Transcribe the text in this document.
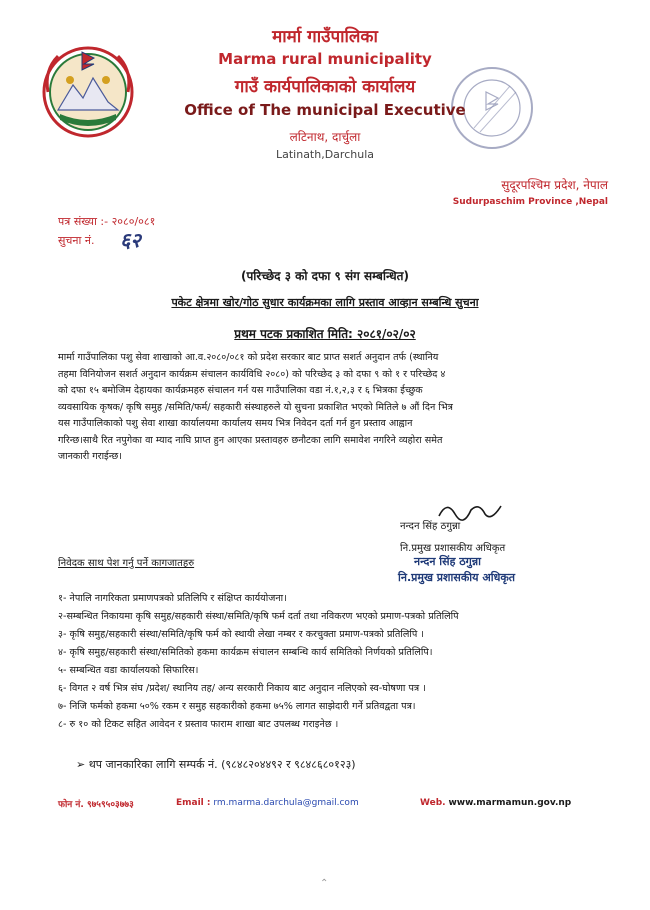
मार्मा गाउँपालिका
Marma rural municipality
गाउँ कार्यपालिकाको कार्यालय
Office of The municipal Executive
लटिनाथ, दार्चुला
Latinath,Darchula
सुदूरपश्चिम प्रदेश, नेपाल
Sudurpaschim Province ,Nepal
पत्र संख्या :- २०८०/०८१
सुचना नं. ६२
(परिच्छेद ३ को दफा ९ संग सम्बन्धित)
पकेट क्षेत्रमा खोर/गोठ सुधार कार्यक्रमका लागि प्रस्ताव आव्हान सम्बन्धि सुचना
प्रथम पटक प्रकाशित मिति: २०८१/०२/०२
मार्मा गाउँपालिका पशु सेवा शाखाको आ.व.२०८०/०८१ को प्रदेश सरकार बाट प्राप्त सशर्त अनुदान तर्फ (स्थानिय
तहमा विनियोजन सशर्त अनुदान कार्यक्रम संचालन कार्यविधि २०८०) को परिच्छेद ३ को दफा ९ को १ र परिच्छेद ४
को दफा १५ बमोजिम देहायका कार्यक्रमहरु संचालन गर्न यस गाउँपालिका वडा नं.१,२,३ र ६ भित्रका ईच्छुक
व्यवसायिक कृषक/ कृषि समुह /समिति/फर्म/ सहकारी संस्थाहरुले यो सुचना प्रकाशित भएको मितिले ७ औं दिन भित्र
यस गाउँपालिकाको पशु सेवा शाखा कार्यालयमा कार्यालय समय भित्र निवेदन दर्ता गर्न हुन प्रस्ताव आह्वान
गरिन्छ।साथै रित नपुगेका वा म्याद नाघि प्राप्त हुन आएका प्रस्तावहरु छनौटका लागि समावेश नगरिने व्यहोरा समेत
जानकारी गराईन्छ।
नन्दन सिंह ठगुन्ना
नि.प्रमुख प्रशासकीय अधिकृत
नन्दन सिंह ठगुन्ना
नि.प्रमुख प्रशासकीय अधिकृत
निवेदक साथ पेश गर्नु पर्ने कागजातहरु
१- नेपालि नागरिकता प्रमाणपत्रको प्रतिलिपि र संक्षिप्त कार्ययोजना।
२-सम्बन्धित निकायमा कृषि समुह/सहकारी संस्था/समिति/कृषि फर्म दर्ता तथा नविकरण भएको प्रमाण-पत्रको प्रतिलिपि
३- कृषि समुह/सहकारी संस्था/समिति/कृषि फर्म को स्थायी लेखा नम्बर र करचुक्ता प्रमाण-पत्रको प्रतिलिपि ।
४- कृषि समुह/सहकारी संस्था/समितिको हकमा कार्यक्रम संचालन सम्बन्धि कार्य समितिको निर्णयको प्रतिलिपि।
५- सम्बन्धित वडा कार्यालयको सिफारिस।
६- विगत २ वर्ष भित्र संघ /प्रदेश/ स्थानिय तह/ अन्य सरकारी निकाय बाट अनुदान नलिएको स्व-घोषणा पत्र ।
७- निजि फर्मको हकमा ५०% रकम र समुह सहकारीको हकमा ७५% लागत साझेदारी गर्ने प्रतिवद्वता पत्र।
८- रु १० को टिकट सहित आवेदन र प्रस्ताव फाराम शाखा बाट उपलब्ध गराइनेछ ।
➢ थप जानकारिका लागि सम्पर्क नं. (९८४८२०४४९२ र ९८४८६८०१२३)
फोन नं. ९७५९५०३७७३	Email : rm.marma.darchula@gmail.com	Web. www.marmamun.gov.np
⌃
